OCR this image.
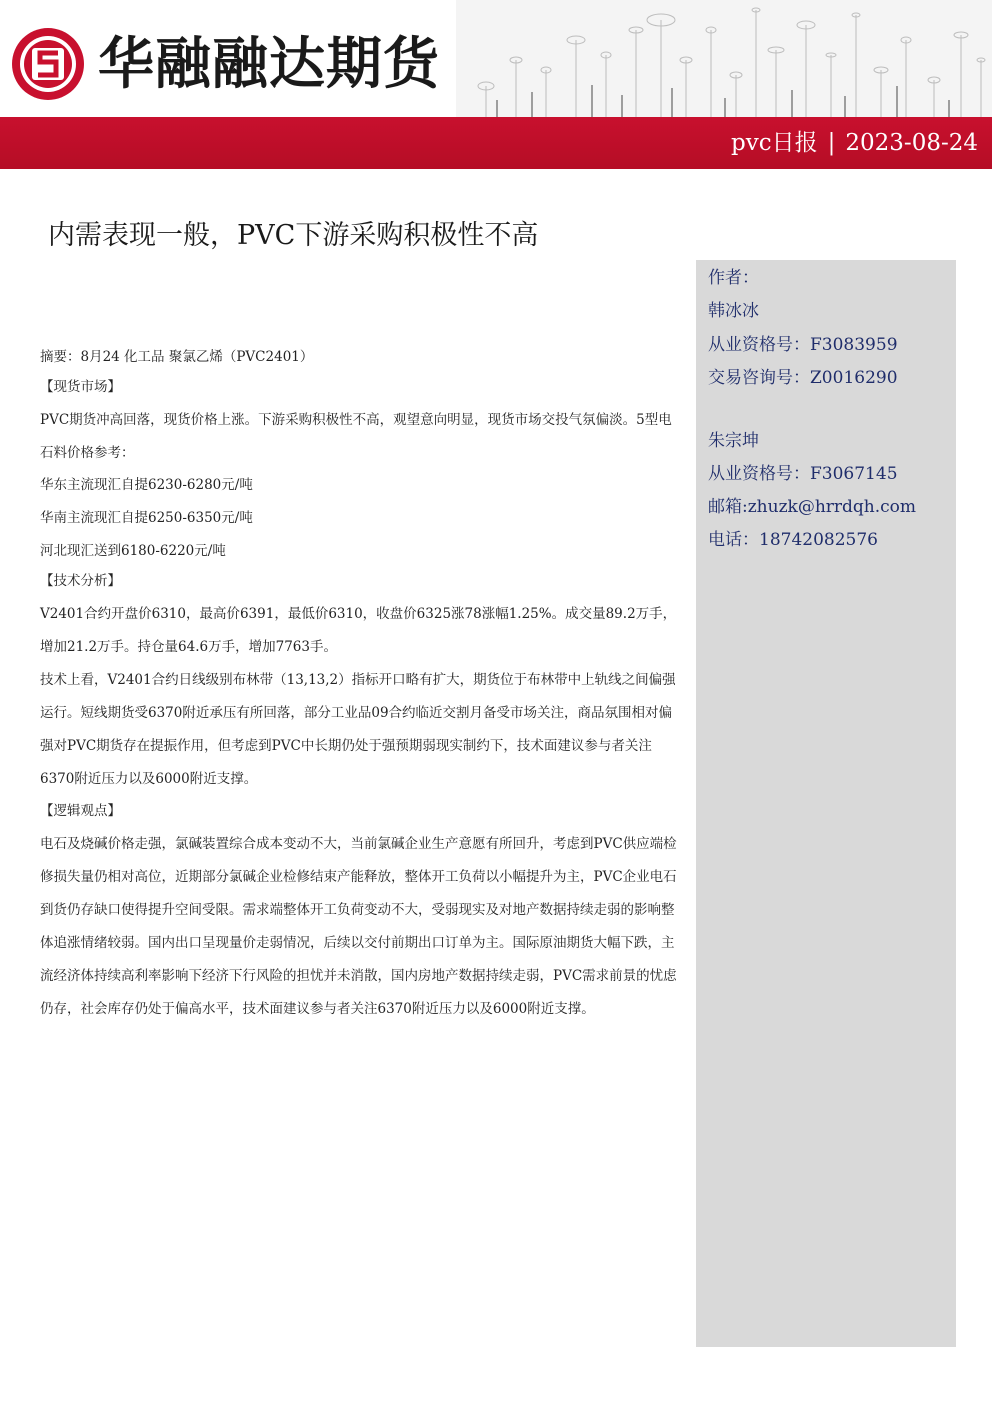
华融融达期货
pvc日报 | 2023-08-24
内需表现一般，PVC下游采购积极性不高
作者：
韩冰冰
从业资格号：F3083959
交易咨询号：Z0016290
朱宗坤
从业资格号：F3067145
邮箱:zhuzk@hrrdqh.com
电话：18742082576
摘要：8月24 化工品 聚氯乙烯（PVC2401）
【现货市场】
PVC期货冲高回落，现货价格上涨。下游采购积极性不高，观望意向明显，现货市场交投气氛偏淡。5型电石料价格参考：
华东主流现汇自提6230-6280元/吨
华南主流现汇自提6250-6350元/吨
河北现汇送到6180-6220元/吨
【技术分析】
V2401合约开盘价6310，最高价6391，最低价6310，收盘价6325涨78涨幅1.25%。成交量89.2万手，增加21.2万手。持仓量64.6万手，增加7763手。
技术上看，V2401合约日线级别布林带（13,13,2）指标开口略有扩大，期货位于布林带中上轨线之间偏强运行。短线期货受6370附近承压有所回落，部分工业品09合约临近交割月备受市场关注，商品氛围相对偏强对PVC期货存在提振作用，但考虑到PVC中长期仍处于强预期弱现实制约下，技术面建议参与者关注6370附近压力以及6000附近支撑。
【逻辑观点】
电石及烧碱价格走强，氯碱装置综合成本变动不大，当前氯碱企业生产意愿有所回升，考虑到PVC供应端检修损失量仍相对高位，近期部分氯碱企业检修结束产能释放，整体开工负荷以小幅提升为主，PVC企业电石到货仍存缺口使得提升空间受限。需求端整体开工负荷变动不大，受弱现实及对地产数据持续走弱的影响整体追涨情绪较弱。国内出口呈现量价走弱情况，后续以交付前期出口订单为主。国际原油期货大幅下跌，主流经济体持续高利率影响下经济下行风险的担忧并未消散，国内房地产数据持续走弱，PVC需求前景的忧虑仍存，社会库存仍处于偏高水平，技术面建议参与者关注6370附近压力以及6000附近支撑。
